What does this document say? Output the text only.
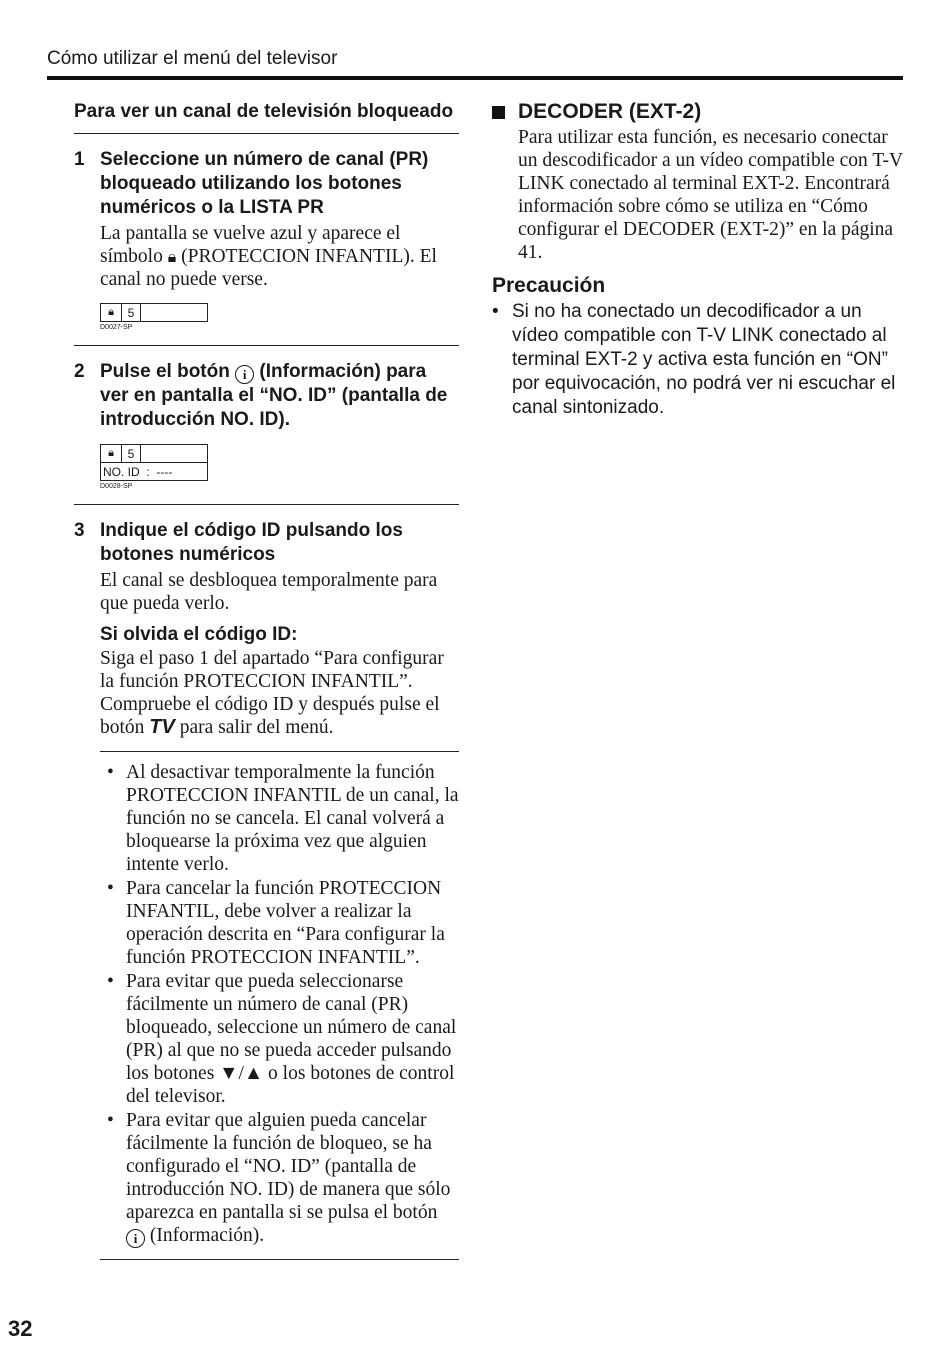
Cómo utilizar el menú del televisor
Para ver un canal de televisión bloqueado
1 Seleccione un número de canal (PR) bloqueado utilizando los botones numéricos o la LISTA PR
La pantalla se vuelve azul y aparece el símbolo 🔒︎ (PROTECCION INFANTIL). El canal no puede verse.
🔒︎	5
D0027-SP
2 Pulse el botón i (Información) para ver en pantalla el “NO. ID” (pantalla de introducción NO. ID).
🔒︎	5
NO. ID  :  ----
D0028-SP
3 Indique el código ID pulsando los botones numéricos
El canal se desbloquea temporalmente para que pueda verlo.
Si olvida el código ID:
Siga el paso 1 del apartado “Para configurar la función PROTECCION INFANTIL”. Compruebe el código ID y después pulse el botón TV para salir del menú.
• Al desactivar temporalmente la función PROTECCION INFANTIL de un canal, la función no se cancela. El canal volverá a bloquearse la próxima vez que alguien intente verlo.
• Para cancelar la función PROTECCION INFANTIL, debe volver a realizar la operación descrita en “Para configurar la función PROTECCION INFANTIL”.
• Para evitar que pueda seleccionarse fácilmente un número de canal (PR) bloqueado, seleccione un número de canal (PR) al que no se pueda acceder pulsando los botones ▼/▲ o los botones de control del televisor.
• Para evitar que alguien pueda cancelar fácilmente la función de bloqueo, se ha configurado el “NO. ID” (pantalla de introducción NO. ID) de manera que sólo aparezca en pantalla si se pulsa el botón i (Información).
DECODER (EXT-2)
Para utilizar esta función, es necesario conectar un descodificador a un vídeo compatible con T-V LINK conectado al terminal EXT-2. Encontrará información sobre cómo se utiliza en “Cómo configurar el DECODER (EXT-2)” en la página 41.
Precaución
• Si no ha conectado un decodificador a un vídeo compatible con T-V LINK conectado al terminal EXT-2 y activa esta función en “ON” por equivocación, no podrá ver ni escuchar el canal sintonizado.
32
